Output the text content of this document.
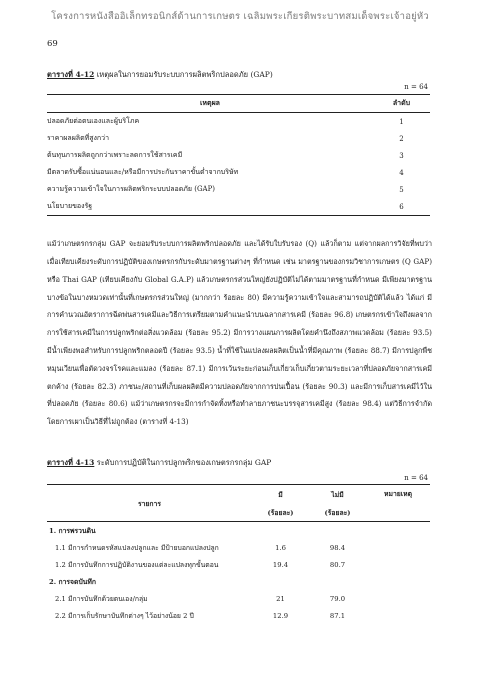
โครงการหนังสืออิเล็กทรอนิกส์ด้านการเกษตร เฉลิมพระเกียรติพระบาทสมเด็จพระเจ้าอยู่หัว
69
ตารางที่ 4-12 เหตุผลในการยอมรับระบบการผลิตพริกปลอดภัย (GAP)
n = 64
เหตุผล	ลำดับ
ปลอดภัยต่อตนเองและผู้บริโภค	1
ราคาผลผลิตที่สูงกว่า	2
ต้นทุนการผลิตถูกกว่าเพราะลดการใช้สารเคมี	3
มีตลาดรับซื้อแน่นอนและ/หรือมีการประกันราคาขั้นต่ำจากบริษัท	4
ความรู้ความเข้าใจในการผลิตพริกระบบปลอดภัย (GAP)	5
นโยบายของรัฐ	6

แม้ว่าเกษตรกรกลุ่ม GAP จะยอมรับระบบการผลิตพริกปลอดภัย และได้รับใบรับรอง (Q) แล้วก็ตาม แต่จากผลการวิจัยที่พบว่า เมื่อเทียบเคียงระดับการปฏิบัติของเกษตรกรกับระดับมาตรฐานต่างๆ ที่กำหนด เช่น มาตรฐานของกรมวิชาการเกษตร (Q GAP) หรือ Thai GAP (เทียบเคียงกับ Global G.A.P) แล้วเกษตรกรส่วนใหญ่ยังปฏิบัติไม่ได้ตามมาตรฐานที่กำหนด มีเพียงมาตรฐานบางข้อในบางหมวดเท่านั้นที่เกษตรกรส่วนใหญ่ (มากกว่า ร้อยละ 80) มีความรู้ความเข้าใจและสามารถปฏิบัติได้แล้ว ได้แก่ มีการคำนวณอัตราการฉีดพ่นสารเคมีและวิธีการเตรียมตามคำแนะนำบนฉลากสารเคมี (ร้อยละ 96.8) เกษตรกรเข้าใจถึงผลจากการใช้สารเคมีในการปลูกพริกต่อสิ่งแวดล้อม (ร้อยละ 95.2) มีการวางแผนการผลิตโดยคำนึงถึงสภาพแวดล้อม (ร้อยละ 93.5) มีน้ำเพียงพอสำหรับการปลูกพริกตลอดปี (ร้อยละ 93.5) น้ำที่ใช้ในแปลงผลผลิตเป็นน้ำที่มีคุณภาพ (ร้อยละ 88.7) มีการปลูกพืชหมุนเวียนเพื่อตัดวงจรโรคและแมลง (ร้อยละ 87.1) มีการเว้นระยะก่อนเก็บเกี่ยวเก็บเกี่ยวตามระยะเวลาที่ปลอดภัยจากสารเคมีตกค้าง (ร้อยละ 82.3) ภาชนะ/สถานที่เก็บผลผลิตมีความปลอดภัยจากการปนเปื้อน (ร้อยละ 90.3) และมีการเก็บสารเคมีไว้ในที่ปลอดภัย (ร้อยละ 80.6) แม้ว่าเกษตรกรจะมีการกำจัดทิ้งหรือทำลายภาชนะบรรจุสารเคมีสูง (ร้อยละ 98.4) แต่วิธีการจำกัดโดยการเผาเป็นวิธีที่ไม่ถูกต้อง (ตารางที่ 4-13)

ตารางที่ 4-13 ระดับการปฏิบัติในการปลูกพริกของเกษตรกรกลุ่ม GAP
n = 64
รายการ	มี	ไม่มี	หมายเหตุ
	(ร้อยละ)	(ร้อยละ)	
1. การพรวนดิน			
1.1 มีการกำหนดรหัสแปลงปลูกและ มีป้ายบอกแปลงปลูก	1.6	98.4	
1.2 มีการบันทึกการปฏิบัติงานของแต่ละแปลงทุกขั้นตอน	19.4	80.7	
2. การจดบันทึก			
2.1 มีการบันทึกด้วยตนเอง/กลุ่ม	21	79.0	
2.2 มีการเก็บรักษาบันทึกต่างๆ ไว้อย่างน้อย 2 ปี	12.9	87.1	
